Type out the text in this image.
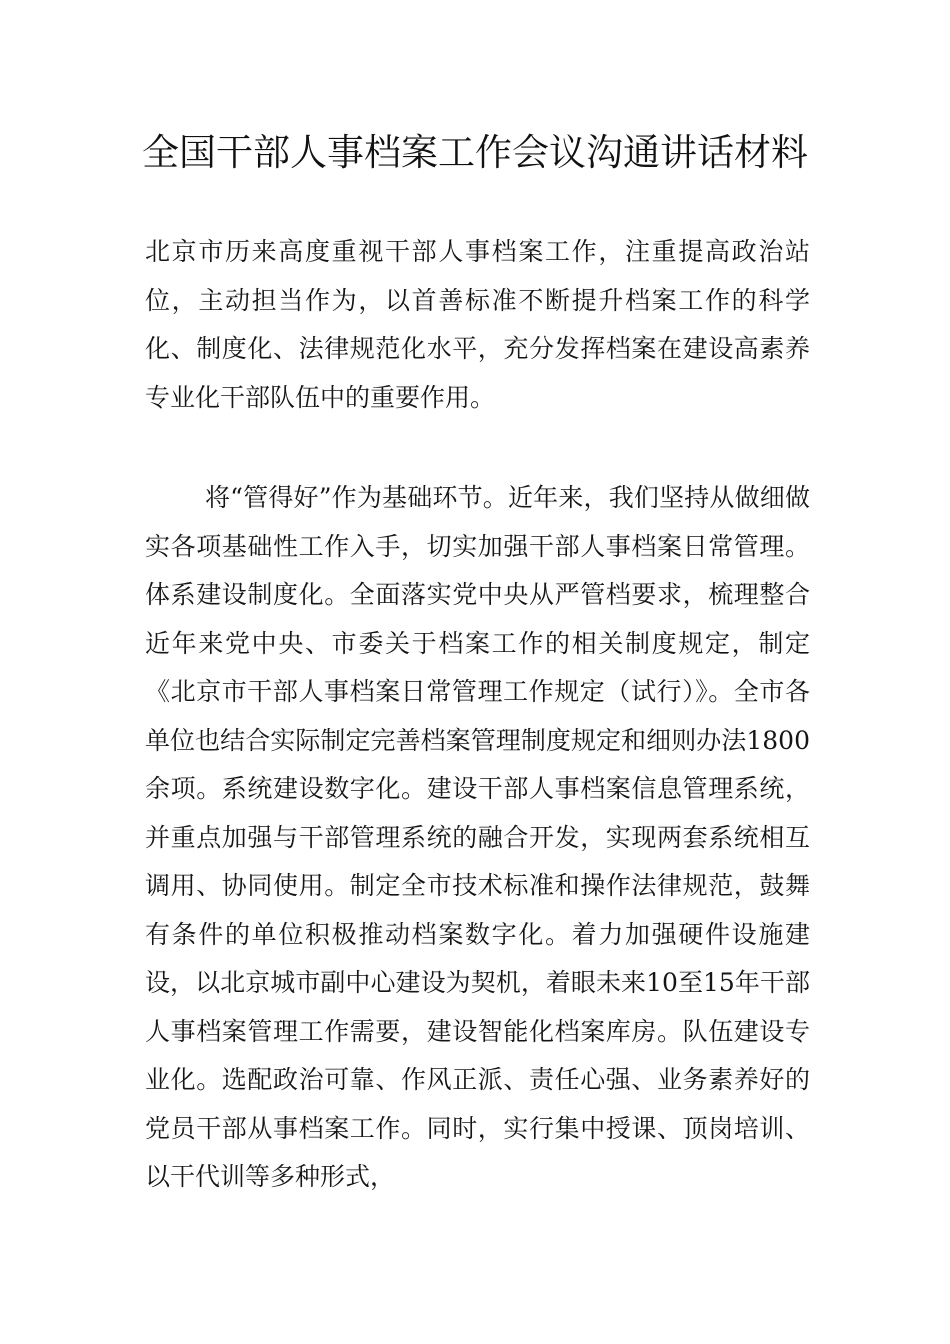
全国干部人事档案工作会议沟通讲话材料

北京市历来高度重视干部人事档案工作，注重提高政治站位，主动担当作为，以首善标准不断提升档案工作的科学化、制度化、法律规范化水平，充分发挥档案在建设高素养专业化干部队伍中的重要作用。

将“管得好”作为基础环节。近年来，我们坚持从做细做实各项基础性工作入手，切实加强干部人事档案日常管理。体系建设制度化。全面落实党中央从严管档要求，梳理整合近年来党中央、市委关于档案工作的相关制度规定，制定《北京市干部人事档案日常管理工作规定（试行）》。全市各单位也结合实际制定完善档案管理制度规定和细则办法1800余项。系统建设数字化。建设干部人事档案信息管理系统，并重点加强与干部管理系统的融合开发，实现两套系统相互调用、协同使用。制定全市技术标准和操作法律规范，鼓舞有条件的单位积极推动档案数字化。着力加强硬件设施建设，以北京城市副中心建设为契机，着眼未来10至15年干部人事档案管理工作需要，建设智能化档案库房。队伍建设专业化。选配政治可靠、作风正派、责任心强、业务素养好的党员干部从事档案工作。同时，实行集中授课、顶岗培训、以干代训等多种形式，
